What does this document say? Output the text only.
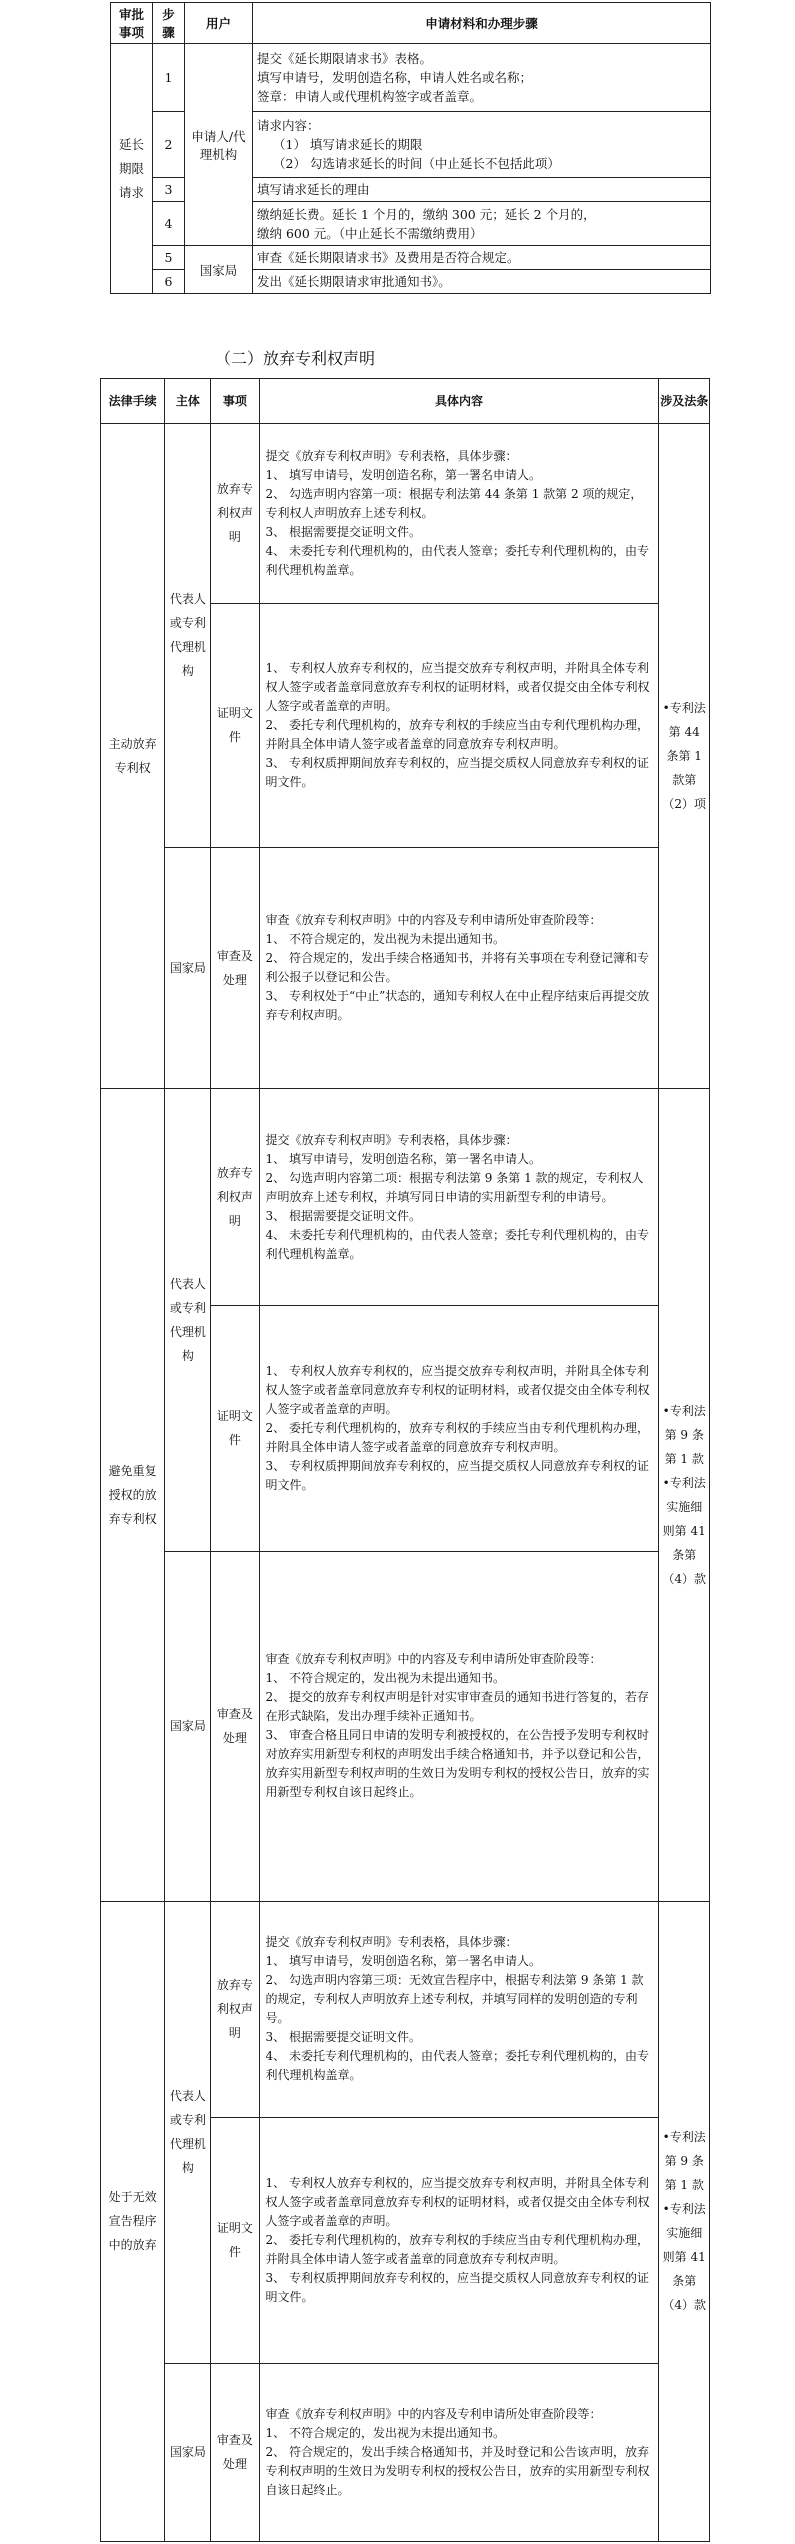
审批事项	步骤	用户	申请材料和办理步骤
延长期限请求	1	申请人/代理机构	提交《延长期限请求书》表格。
填写申请号，发明创造名称，申请人姓名或名称；
签章：申请人或代理机构签字或者盖章。

	2		请求内容：
（1） 填写请求延长的期限
（2） 勾选请求延长的时间（中止延长不包括此项）

	3		填写请求延长的理由

	4		缴纳延长费。延长 1 个月的，缴纳 300 元；延长 2 个月的，
缴纳 600 元。（中止延长不需缴纳费用）

	5	国家局	审查《延长期限请求书》及费用是否符合规定。

	6		发出《延长期限请求审批通知书》。
（二）放弃专利权声明
法律手续	主体	事项	具体内容	涉及法条
主动放弃专利权	代表人或专利代理机构	放弃专利权声明	提交《放弃专利权声明》专利表格，具体步骤：
1、 填写申请号，发明创造名称，第一署名申请人。
2、 勾选声明内容第一项：根据专利法第 44 条第 1 款第 2 项的规定，专利权人声明放弃上述专利权。
3、 根据需要提交证明文件。
4、 未委托专利代理机构的，由代表人签章；委托专利代理机构的，由专利代理机构盖章。	•专利法第 44 条第 1 款第（2）项
		证明文件	1、 专利权人放弃专利权的，应当提交放弃专利权声明，并附具全体专利权人签字或者盖章同意放弃专利权的证明材料，或者仅提交由全体专利权人签字或者盖章的声明。
2、 委托专利代理机构的，放弃专利权的手续应当由专利代理机构办理，并附具全体申请人签字或者盖章的同意放弃专利权声明。
3、 专利权质押期间放弃专利权的，应当提交质权人同意放弃专利权的证明文件。	

	国家局	审查及处理	审查《放弃专利权声明》中的内容及专利申请所处审查阶段等：
1、 不符合规定的，发出视为未提出通知书。
2、 符合规定的，发出手续合格通知书，并将有关事项在专利登记簿和专利公报子以登记和公告。
3、 专利权处于“中止”状态的，通知专利权人在中止程序结束后再提交放弃专利权声明。	

避免重复授权的放弃专利权	代表人或专利代理机构	放弃专利权声明	提交《放弃专利权声明》专利表格，具体步骤：
1、 填写申请号，发明创造名称，第一署名申请人。
2、 勾选声明内容第二项：根据专利法第 9 条第 1 款的规定，专利权人声明放弃上述专利权，并填写同日申请的实用新型专利的申请号。
3、 根据需要提交证明文件。
4、 未委托专利代理机构的，由代表人签章；委托专利代理机构的，由专利代理机构盖章。	•专利法第 9 条第 1 款 •专利法实施细则第 41 条第（4）款
		证明文件	1、 专利权人放弃专利权的，应当提交放弃专利权声明，并附具全体专利权人签字或者盖章同意放弃专利权的证明材料，或者仅提交由全体专利权人签字或者盖章的声明。
2、 委托专利代理机构的，放弃专利权的手续应当由专利代理机构办理，并附具全体申请人签字或者盖章的同意放弃专利权声明。
3、 专利权质押期间放弃专利权的，应当提交质权人同意放弃专利权的证明文件。	

	国家局	审查及处理	审查《放弃专利权声明》中的内容及专利申请所处审查阶段等：
1、 不符合规定的，发出视为未提出通知书。
2、 提交的放弃专利权声明是针对实审审查员的通知书进行答复的，若存在形式缺陷，发出办理手续补正通知书。
3、 审查合格且同日申请的发明专利被授权的，在公告授予发明专利权时对放弃实用新型专利权的声明发出手续合格通知书，并予以登记和公告，放弃实用新型专利权声明的生效日为发明专利权的授权公告日，放弃的实用新型专利权自该日起终止。	

处于无效宣告程序中的放弃	代表人或专利代理机构	放弃专利权声明	提交《放弃专利权声明》专利表格，具体步骤：
1、 填写申请号，发明创造名称，第一署名申请人。
2、 勾选声明内容第三项：无效宣告程序中，根据专利法第 9 条第 1 款的规定，专利权人声明放弃上述专利权，并填写同样的发明创造的专利号。
3、 根据需要提交证明文件。
4、 未委托专利代理机构的，由代表人签章；委托专利代理机构的，由专利代理机构盖章。	•专利法第 9 条第 1 款 •专利法实施细则第 41 条第（4）款
		证明文件	1、 专利权人放弃专利权的，应当提交放弃专利权声明，并附具全体专利权人签字或者盖章同意放弃专利权的证明材料，或者仅提交由全体专利权人签字或者盖章的声明。
2、 委托专利代理机构的，放弃专利权的手续应当由专利代理机构办理，并附具全体申请人签字或者盖章的同意放弃专利权声明。
3、 专利权质押期间放弃专利权的，应当提交质权人同意放弃专利权的证明文件。	

	国家局	审查及处理	审查《放弃专利权声明》中的内容及专利申请所处审查阶段等：
1、 不符合规定的，发出视为未提出通知书。
2、 符合规定的，发出手续合格通知书，并及时登记和公告该声明，放弃专利权声明的生效日为发明专利权的授权公告日，放弃的实用新型专利权自该日起终止。	
